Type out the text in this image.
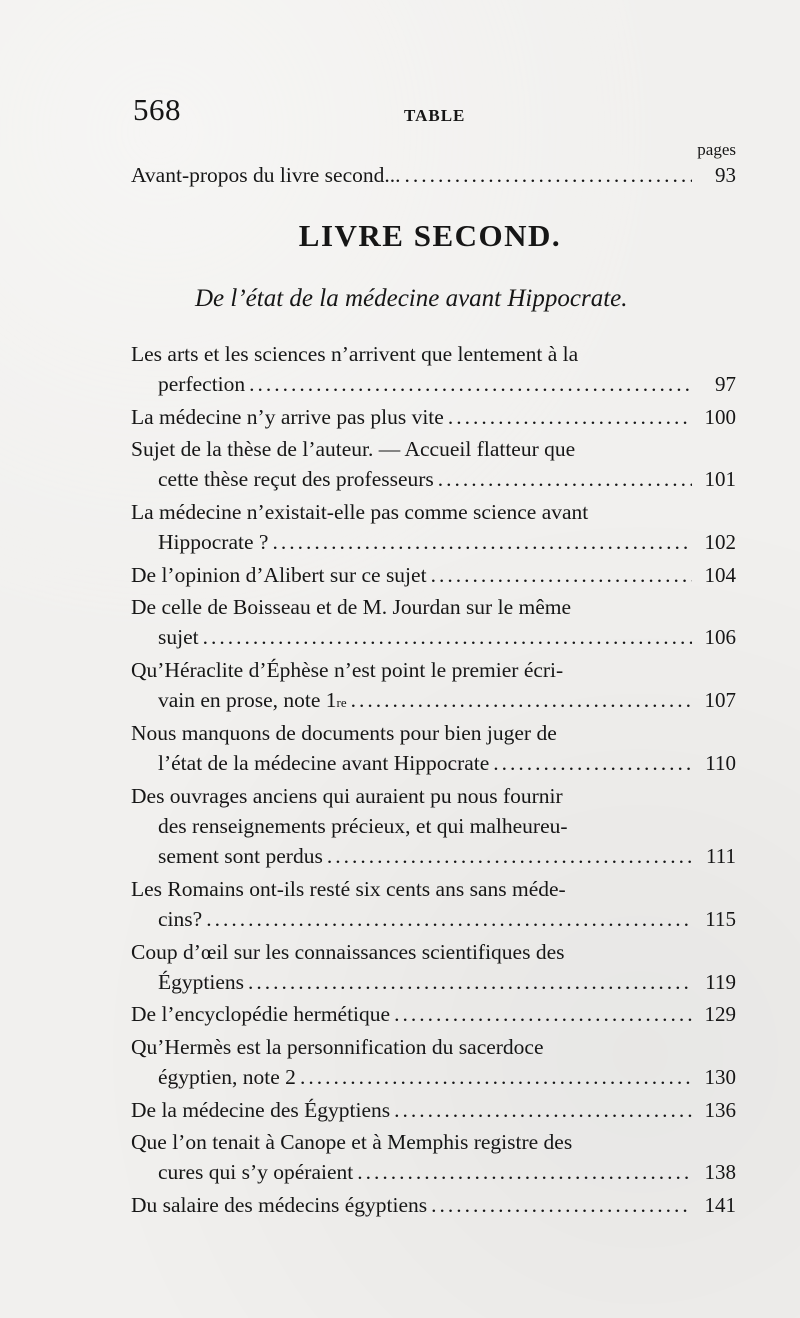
568	TABLE
pages
Avant-propos du livre second... .....	93
LIVRE SECOND.
De l’état de la médecine avant Hippocrate.
Les arts et les sciences n’arrivent que lentement à la
perfection .....	97
La médecine n’y arrive pas plus vite .....	100
Sujet de la thèse de l’auteur. — Accueil flatteur que
cette thèse reçut des professeurs .....	101
La médecine n’existait-elle pas comme science avant
Hippocrate ? .....	102
De l’opinion d’Alibert sur ce sujet .....	104
De celle de Boisseau et de M. Jourdan sur le même
sujet .....	106
Qu’Héraclite d’Éphèse n’est point le premier écri-
vain en prose, note 1 re .....	107
Nous manquons de documents pour bien juger de
l’état de la médecine avant Hippocrate .....	110
Des ouvrages anciens qui auraient pu nous fournir
des renseignements précieux, et qui malheureu-
sement sont perdus .....	111
Les Romains ont-ils resté six cents ans sans méde-
cins? .....	115
Coup d’œil sur les connaissances scientifiques des
Égyptiens .....	119
De l’encyclopédie hermétique .....	129
Qu’Hermès est la personnification du sacerdoce
égyptien, note 2 .....	130
De la médecine des Égyptiens .....	136
Que l’on tenait à Canope et à Memphis registre des
cures qui s’y opéraient .....	138
Du salaire des médecins égyptiens .....	141
